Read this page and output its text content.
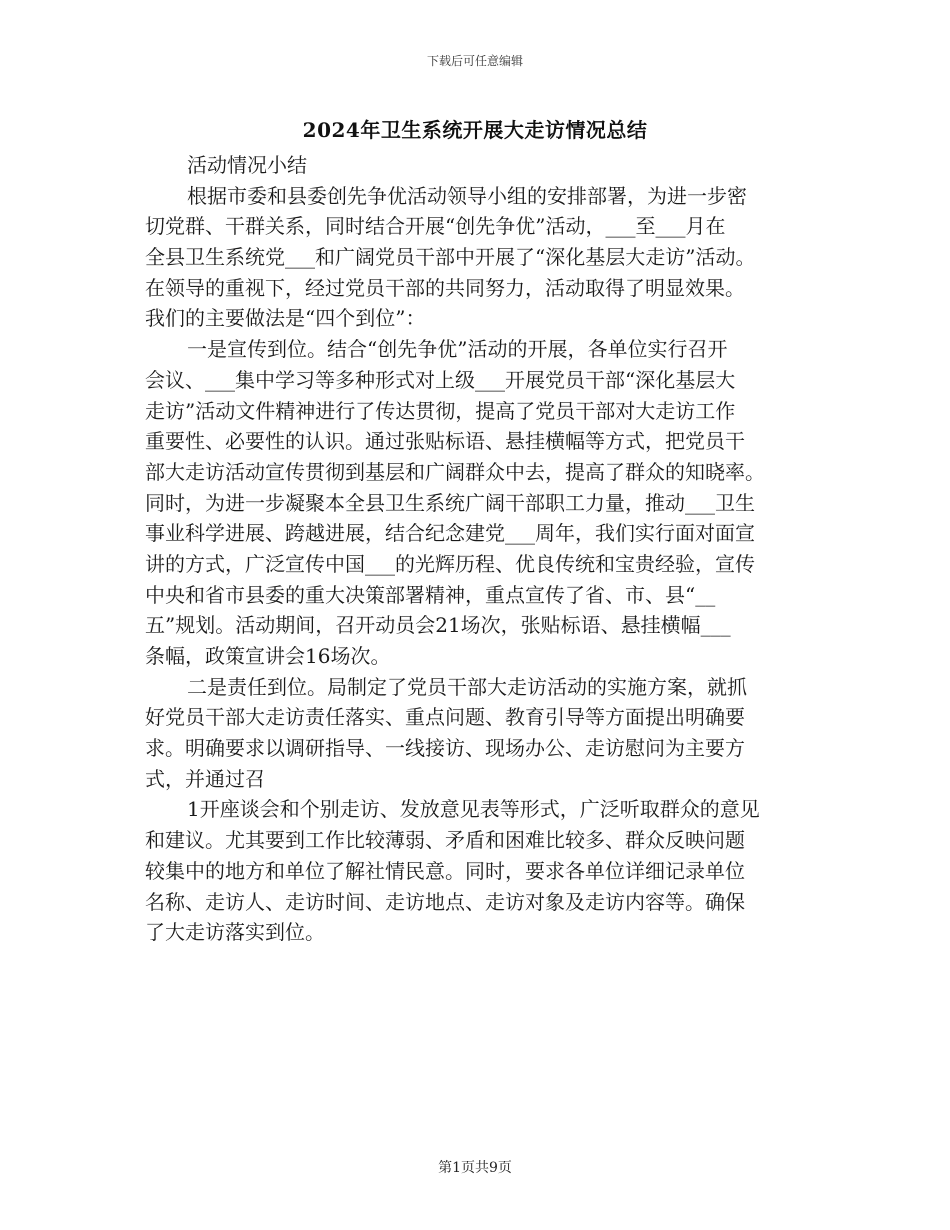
下载后可任意编辑
2024年卫生系统开展大走访情况总结
活动情况小结
根据市委和县委创先争优活动领导小组的安排部署，为进一步密
切党群、干群关系，同时结合开展“创先争优”活动，___至___月在
全县卫生系统党___和广阔党员干部中开展了“深化基层大走访”活动。
在领导的重视下，经过党员干部的共同努力，活动取得了明显效果。
我们的主要做法是“四个到位”：
一是宣传到位。结合“创先争优”活动的开展，各单位实行召开
会议、___集中学习等多种形式对上级___开展党员干部“深化基层大
走访”活动文件精神进行了传达贯彻，提高了党员干部对大走访工作
重要性、必要性的认识。通过张贴标语、悬挂横幅等方式，把党员干
部大走访活动宣传贯彻到基层和广阔群众中去，提高了群众的知晓率。
同时，为进一步凝聚本全县卫生系统广阔干部职工力量，推动___卫生
事业科学进展、跨越进展，结合纪念建党___周年，我们实行面对面宣
讲的方式，广泛宣传中国___的光辉历程、优良传统和宝贵经验，宣传
中央和省市县委的重大决策部署精神，重点宣传了省、市、县“__
五”规划。活动期间，召开动员会21场次，张贴标语、悬挂横幅___
条幅，政策宣讲会16场次。
二是责任到位。局制定了党员干部大走访活动的实施方案，就抓
好党员干部大走访责任落实、重点问题、教育引导等方面提出明确要
求。明确要求以调研指导、一线接访、现场办公、走访慰问为主要方
式，并通过召
1开座谈会和个别走访、发放意见表等形式，广泛听取群众的意见
和建议。尤其要到工作比较薄弱、矛盾和困难比较多、群众反映问题
较集中的地方和单位了解社情民意。同时，要求各单位详细记录单位
名称、走访人、走访时间、走访地点、走访对象及走访内容等。确保
了大走访落实到位。
第1页共9页
